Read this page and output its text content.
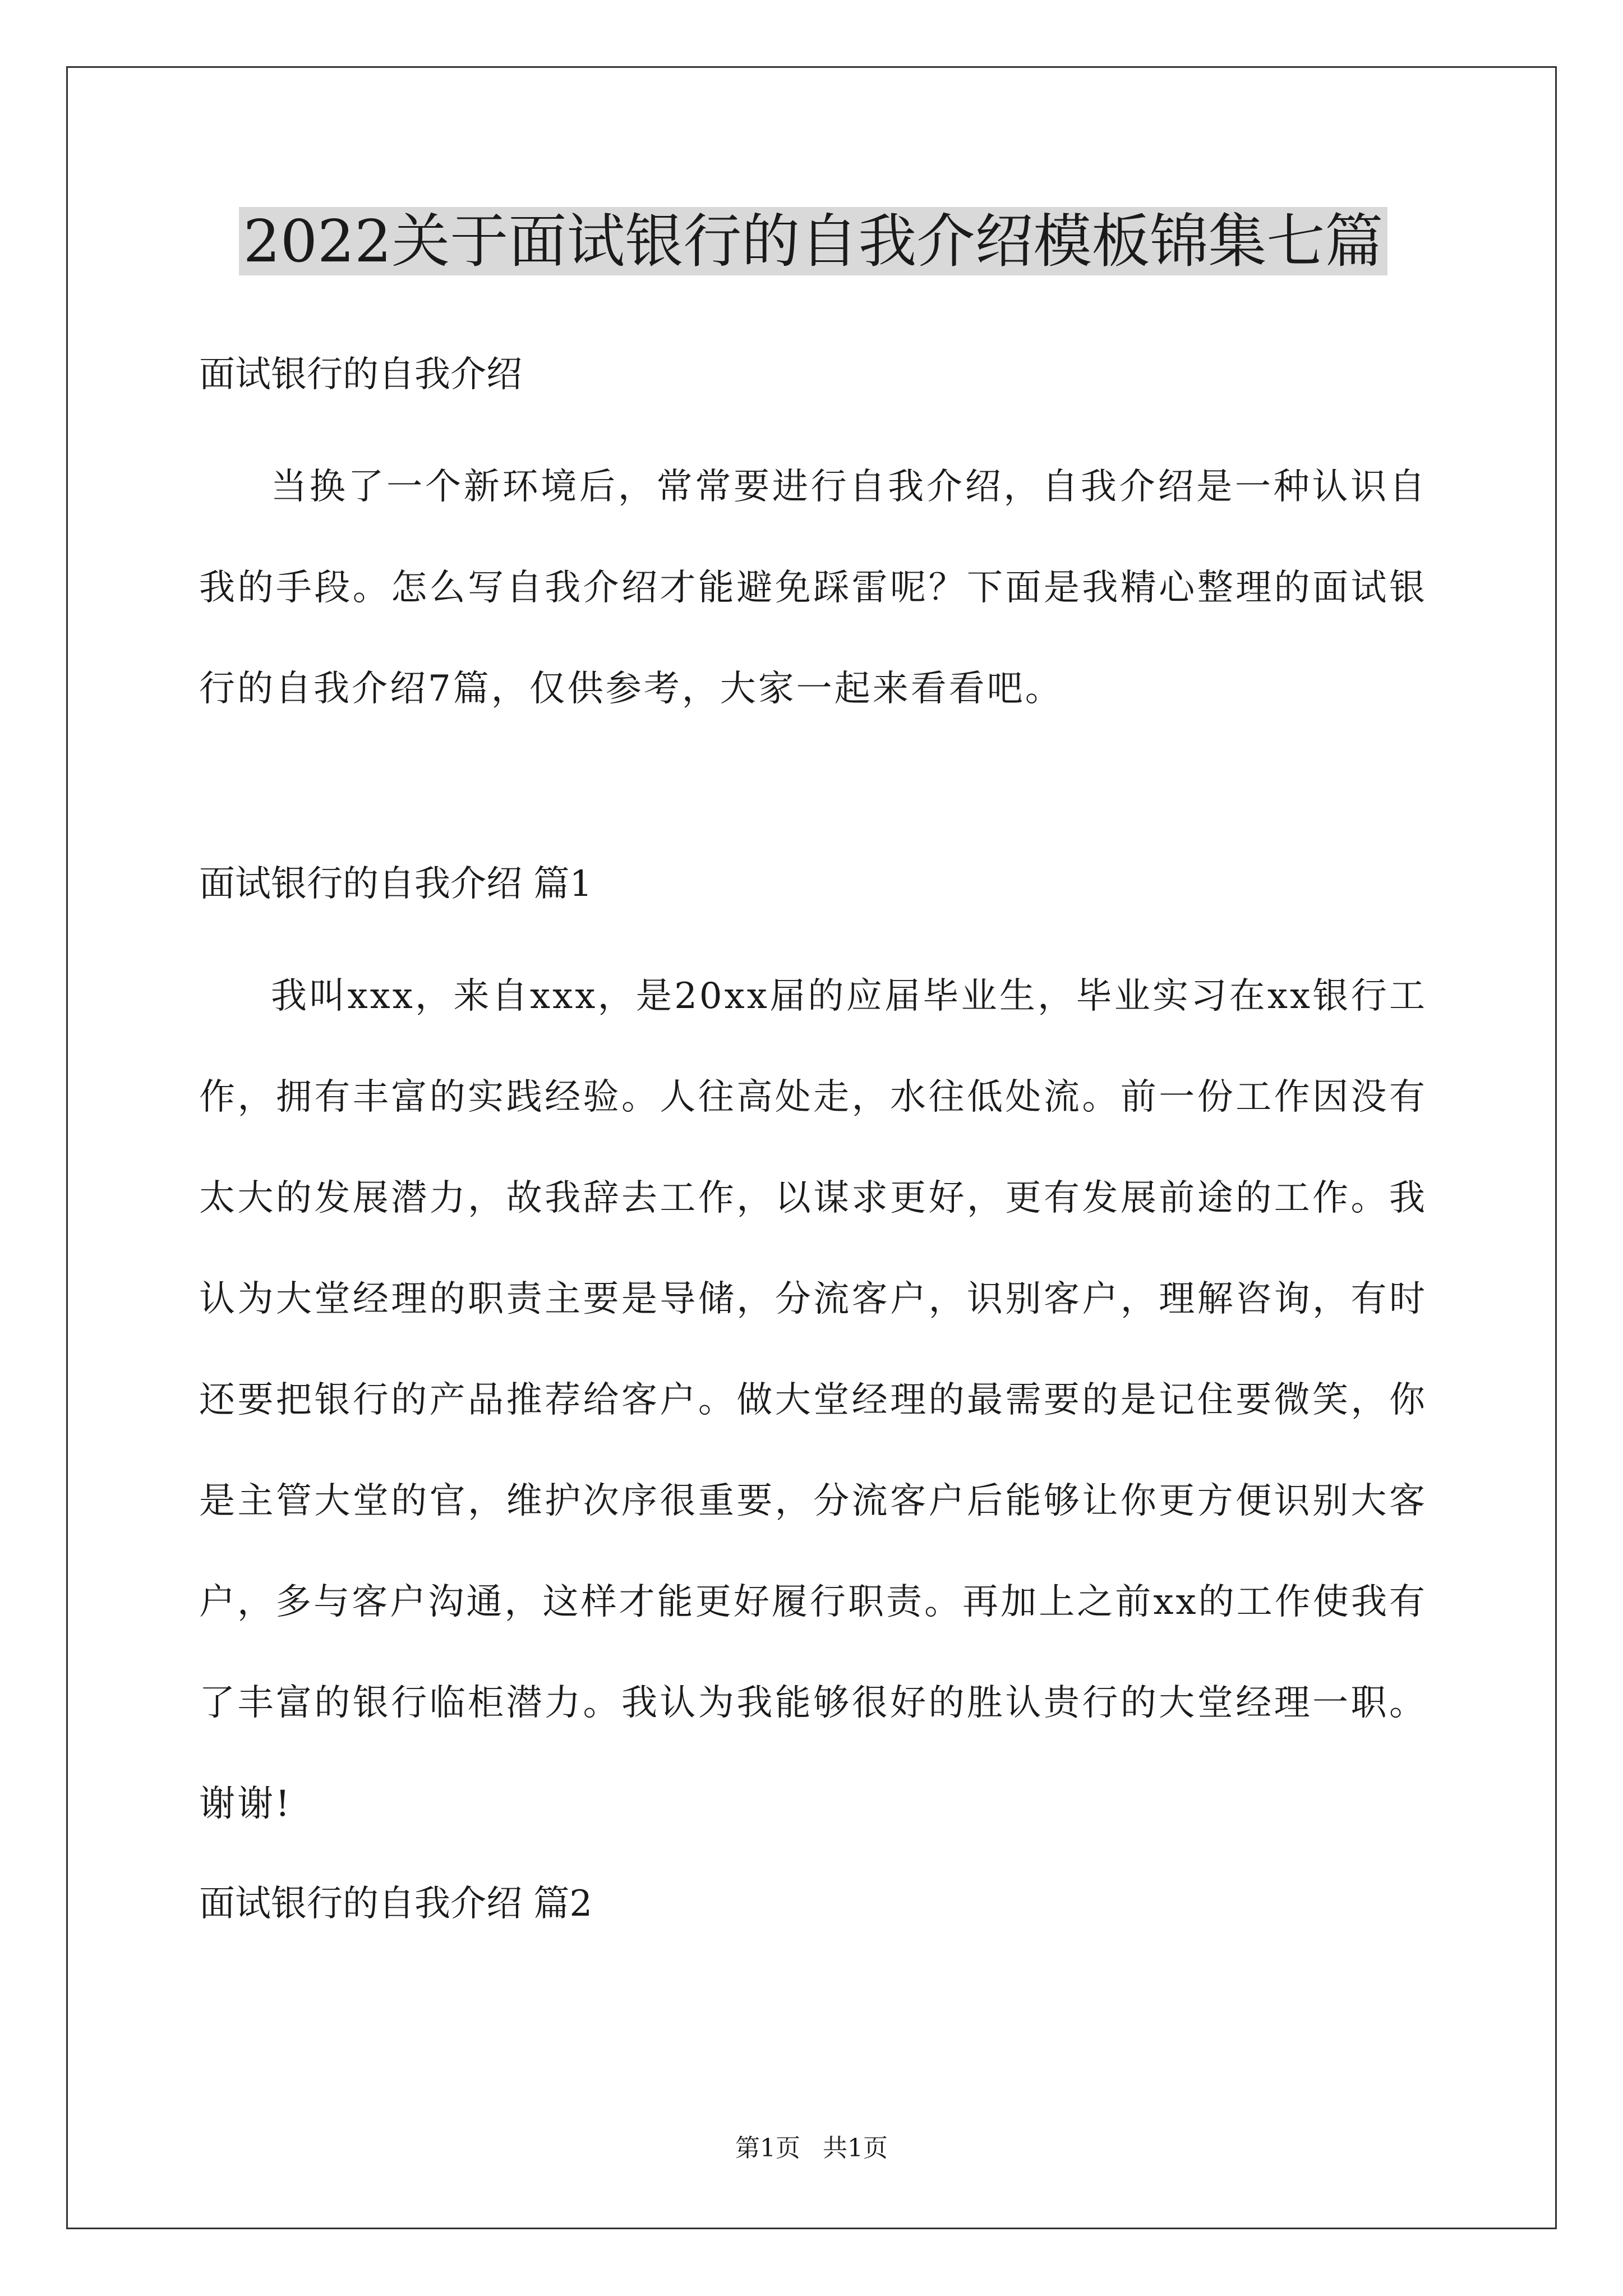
2022关于面试银行的自我介绍模板锦集七篇

面试银行的自我介绍

当换了一个新环境后，常常要进行自我介绍，自我介绍是一种认识自我的手段。怎么写自我介绍才能避免踩雷呢？下面是我精心整理的面试银行的自我介绍7篇，仅供参考，大家一起来看看吧。

面试银行的自我介绍 篇1

我叫xxx，来自xxx，是20xx届的应届毕业生，毕业实习在xx银行工作，拥有丰富的实践经验。人往高处走，水往低处流。前一份工作因没有太大的发展潜力，故我辞去工作，以谋求更好，更有发展前途的工作。我认为大堂经理的职责主要是导储，分流客户，识别客户，理解咨询，有时还要把银行的产品推荐给客户。做大堂经理的最需要的是记住要微笑，你是主管大堂的官，维护次序很重要，分流客户后能够让你更方便识别大客户，多与客户沟通，这样才能更好履行职责。再加上之前xx的工作使我有了丰富的银行临柜潜力。我认为我能够很好的胜认贵行的大堂经理一职。谢谢!

面试银行的自我介绍 篇2

第1页 共1页
